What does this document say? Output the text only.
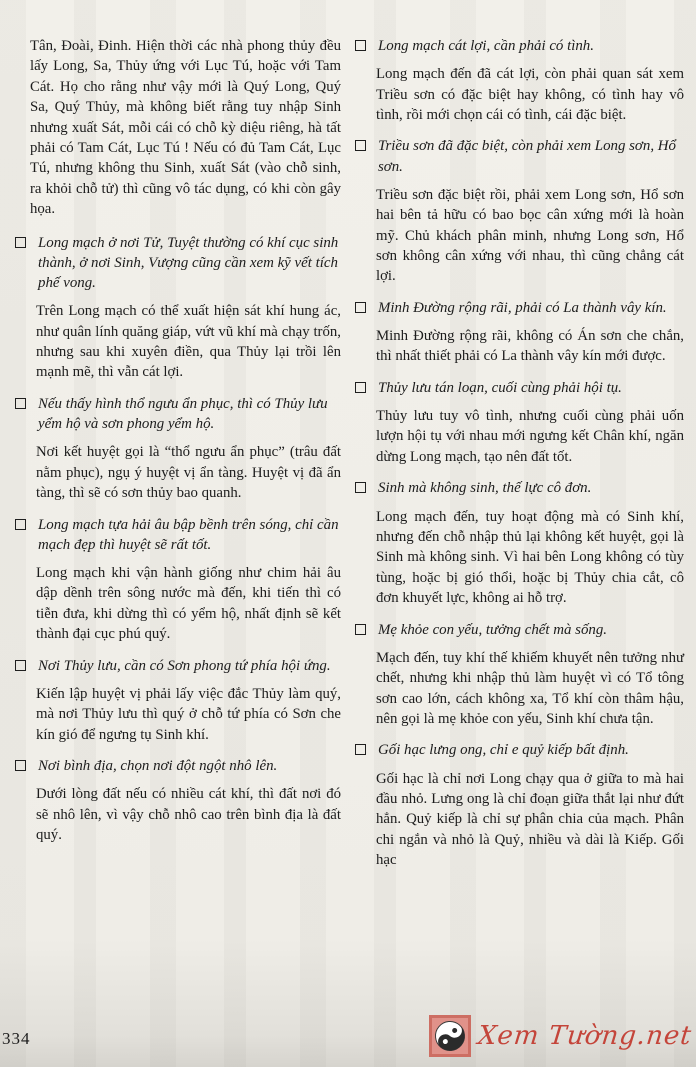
Tân, Đoài, Đinh. Hiện thời các nhà phong thủy đều lấy Long, Sa, Thủy ứng với Lục Tú, hoặc với Tam Cát. Họ cho rằng như vậy mới là Quý Long, Quý Sa, Quý Thủy, mà không biết rằng tuy nhập Sinh nhưng xuất Sát, mỗi cái có chỗ kỳ diệu riêng, hà tất phải có Tam Cát, Lục Tú ! Nếu có đủ Tam Cát, Lục Tú, nhưng không thu Sinh, xuất Sát (vào chỗ sinh, ra khỏi chỗ tử) thì cũng vô tác dụng, có khi còn gây họa.

Long mạch ở nơi Tử, Tuyệt thường có khí cục sinh thành, ở nơi Sinh, Vượng cũng cần xem kỹ vết tích phế vong.

Trên Long mạch có thể xuất hiện sát khí hung ác, như quân lính quăng giáp, vứt vũ khí mà chạy trốn, nhưng sau khi xuyên điền, qua Thủy lại trồi lên mạnh mẽ, thì vẫn cát lợi.

Nếu thấy hình thổ ngưu ẩn phục, thì có Thủy lưu yểm hộ và sơn phong yểm hộ.

Nơi kết huyệt gọi là “thổ ngưu ẩn phục” (trâu đất nằm phục), ngụ ý huyệt vị ẩn tàng. Huyệt vị đã ẩn tàng, thì sẽ có sơn thủy bao quanh.

Long mạch tựa hải âu bập bềnh trên sóng, chỉ cần mạch đẹp thì huyệt sẽ rất tốt.

Long mạch khi vận hành giống như chim hải âu dập dềnh trên sông nước mà đến, khi tiến thì có tiễn đưa, khi dừng thì có yểm hộ, nhất định sẽ kết thành đại cục phú quý.

Nơi Thủy lưu, cần có Sơn phong tứ phía hội ứng.

Kiến lập huyệt vị phải lấy việc đắc Thủy làm quý, mà nơi Thủy lưu thì quý ở chỗ tứ phía có Sơn che kín gió để ngưng tụ Sinh khí.

Nơi bình địa, chọn nơi đột ngột nhô lên.

Dưới lòng đất nếu có nhiều cát khí, thì đất nơi đó sẽ nhô lên, vì vậy chỗ nhô cao trên bình địa là đất quý.

Long mạch cát lợi, cần phải có tình.

Long mạch đến đã cát lợi, còn phải quan sát xem Triều sơn có đặc biệt hay không, có tình hay vô tình, rồi mới chọn cái có tình, cái đặc biệt.

Triều sơn đã đặc biệt, còn phải xem Long sơn, Hổ sơn.

Triều sơn đặc biệt rồi, phải xem Long sơn, Hổ sơn hai bên tả hữu có bao bọc cân xứng mới là hoàn mỹ. Chủ khách phân minh, nhưng Long sơn, Hổ sơn không cân xứng với nhau, thì cũng chẳng cát lợi.

Minh Đường rộng rãi, phải có La thành vây kín.

Minh Đường rộng rãi, không có Án sơn che chắn, thì nhất thiết phải có La thành vây kín mới được.

Thủy lưu tán loạn, cuối cùng phải hội tụ.

Thủy lưu tuy vô tình, nhưng cuối cùng phải uốn lượn hội tụ với nhau mới ngưng kết Chân khí, ngăn dừng Long mạch, tạo nên đất tốt.

Sinh mà không sinh, thế lực cô đơn.

Long mạch đến, tuy hoạt động mà có Sinh khí, nhưng đến chỗ nhập thủ lại không kết huyệt, gọi là Sinh mà không sinh. Vì hai bên Long không có tùy tùng, hoặc bị gió thổi, hoặc bị Thủy chia cắt, cô đơn khuyết lực, không ai hỗ trợ.

Mẹ khỏe con yếu, tưởng chết mà sống.

Mạch đến, tuy khí thế khiếm khuyết nên tưởng như chết, nhưng khi nhập thủ làm huyệt vì có Tổ tông sơn cao lớn, cách không xa, Tổ khí còn thâm hậu, nên gọi là mẹ khỏe con yếu, Sinh khí chưa tận.

Gối hạc lưng ong, chỉ e quỷ kiếp bất định.

Gối hạc là chỉ nơi Long chạy qua ở giữa to mà hai đầu nhỏ. Lưng ong là chỉ đoạn giữa thắt lại như đứt hẳn. Quỷ kiếp là chỉ sự phân chia của mạch. Phân chi ngắn và nhỏ là Quỷ, nhiều và dài là Kiếp. Gối hạc

334	Xem Tường.net
